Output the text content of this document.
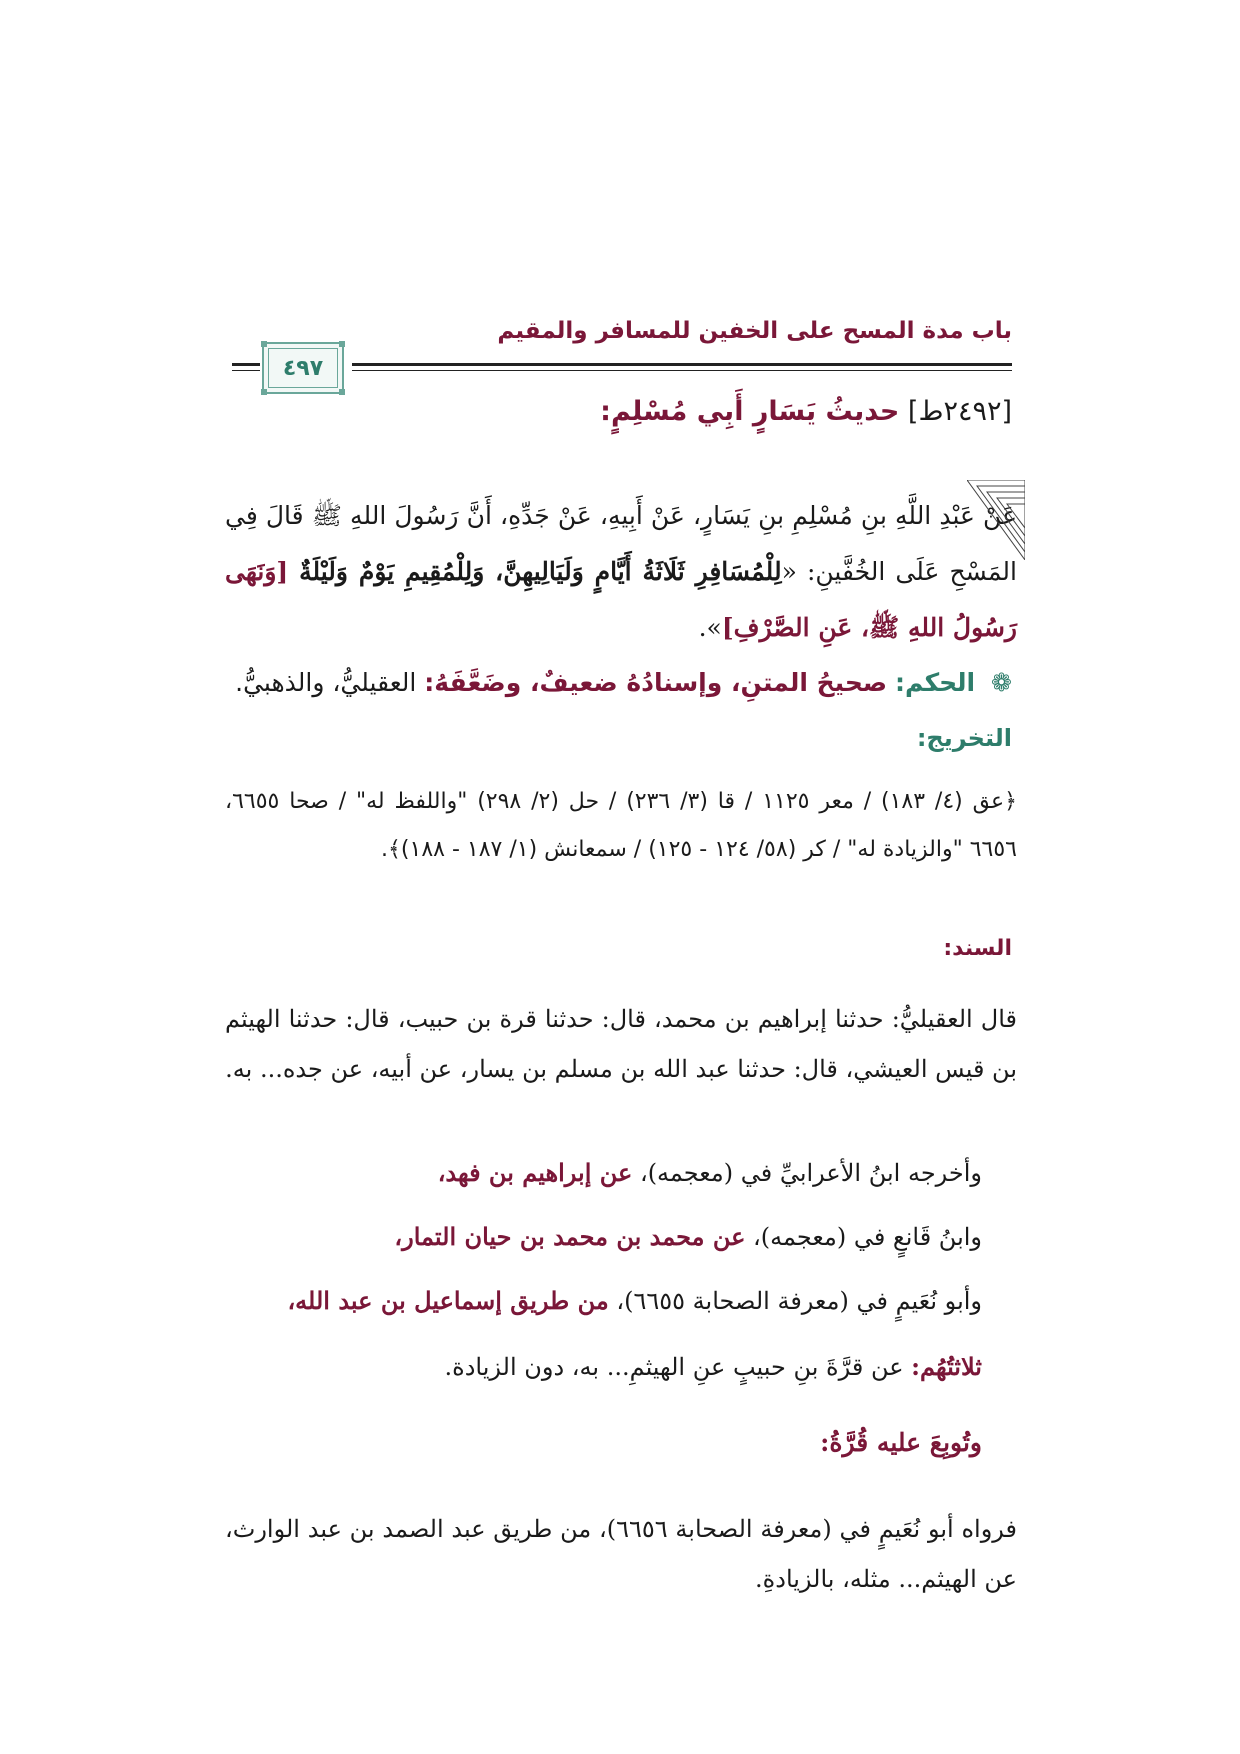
باب مدة المسح على الخفين للمسافر والمقيم
٤٩٧
[٢٤٩٢ط] حديثُ يَسَارٍ أَبِي مُسْلِمٍ:
عَنْ عَبْدِ اللَّهِ بنِ مُسْلِمِ بنِ يَسَارٍ، عَنْ أَبِيهِ، عَنْ جَدِّهِ، أَنَّ رَسُولَ اللهِ ﷺ قَالَ فِي المَسْحِ عَلَى الخُفَّينِ: «لِلْمُسَافِرِ ثَلَاثَةُ أَيَّامٍ وَلَيَالِيهِنَّ، وَلِلْمُقِيمِ يَوْمٌ وَلَيْلَةٌ [وَنَهَى رَسُولُ اللهِ ﷺ، عَنِ الصَّرْفِ]».
❁ الحكم: صحيحُ المتنِ، وإسنادُهُ ضعيفٌ، وضَعَّفَهُ: العقيليُّ، والذهبيُّ.
التخريج:
﴿عق (٤/ ١٨٣) / معر ١١٢٥ / قا (٣/ ٢٣٦) / حل (٢/ ٢٩٨) "واللفظ له" / صحا ٦٦٥٥، ٦٦٥٦ "والزيادة له" / كر (٥٨/ ١٢٤ - ١٢٥) / سمعانش (١/ ١٨٧ - ١٨٨)﴾.
السند:
قال العقيليُّ: حدثنا إبراهيم بن محمد، قال: حدثنا قرة بن حبيب، قال: حدثنا الهيثم بن قيس العيشي، قال: حدثنا عبد الله بن مسلم بن يسار، عن أبيه، عن جده... به.
وأخرجه ابنُ الأعرابيِّ في (معجمه)، عن إبراهيم بن فهد،
وابنُ قَانعٍ في (معجمه)، عن محمد بن محمد بن حيان التمار،
وأبو نُعَيمٍ في (معرفة الصحابة ٦٦٥٥)، من طريق إسماعيل بن عبد الله،
ثلاثتُهُم: عن قرَّةَ بنِ حبيبٍ عنِ الهيثمِ... به، دون الزيادة.
وتُوبِعَ عليه قُرَّةُ:
فرواه أبو نُعَيمٍ في (معرفة الصحابة ٦٦٥٦)، من طريق عبد الصمد بن عبد الوارث، عن الهيثم... مثله، بالزيادةِ.
